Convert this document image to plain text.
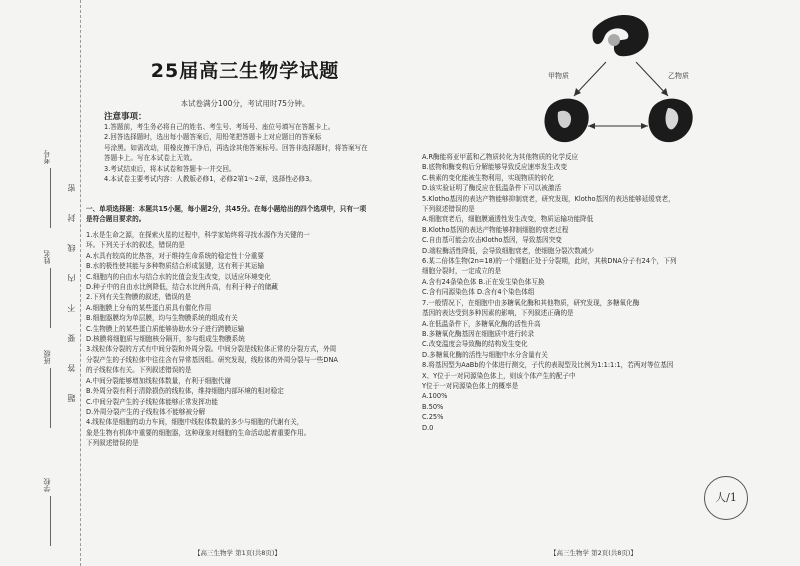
考号
姓名
班级
学校
密
封
线
内
不
要
答
题
25届高三生物学试题
本试卷满分100分，考试用时75分钟。
注意事项：

1.答题前，考生务必将自己的姓名、考生号、考场号、座位号填写在答题卡上。

2.回答选择题时，选出每小题答案后，用铅笔把答题卡上对应题目的答案标

号涂黑。如需改动，用橡皮擦干净后，再选涂其他答案标号。回答非选择题时，将答案写在

答题卡上。写在本试卷上无效。

3.考试结束后，将本试卷和答题卡一并交回。

4.本试卷主要考试内容：人教版必修1，必修2第1～2章，选择性必修3。

一、单项选择题：本题共15小题，每小题2分，共45分。在每小题给出的四个选项中，只有一项

是符合题目要求的。

1.水是生命之源，在探索火星的过程中，科学家始终将寻找水源作为关键的一

环。下列关于水的叙述，错误的是

A.水具有较高的比热容，对于维持生命系统的稳定性十分重要

B.水的极性使其能与多种物质结合形成氢键，这有利于其运输

C.细胞内的自由水与结合水的比值会发生改变，以适应环境变化

D.种子中的自由水比例降低，结合水比例升高，有利于种子的储藏

2.下列有关生物膜的叙述，错误的是

A.细胞膜上分布的某些蛋白质具有催化作用

B.细胞器膜均为单层膜，均与生物膜系统的组成有关

C.生物膜上的某些蛋白质能够协助水分子进行跨膜运输

D.核膜将细胞质与细胞核分隔开，参与组成生物膜系统

3.线粒体分裂的方式有中间分裂和外周分裂。中间分裂是线粒体正常的分裂方式，外周

分裂产生的子线粒体中往往含有异常基因组。研究发现，线粒体的外周分裂与一些DNA

的子线粒体有关。下列叙述错误的是

A.中间分裂能够增加线粒体数量，有利于细胞代谢

B.外周分裂有利于清除损伤的线粒体，维持细胞内部环境的相对稳定

C.中间分裂产生的子线粒体能够正常发挥功能

D.外周分裂产生的子线粒体不能够被分解

4.线粒体是细胞的动力车间，细胞中线粒体数量的多少与细胞的代谢有关，

象是生物有机体中重要的细胞器，这种现象对细胞的生命活动起着重要作用。

下列叙述错误的是

【高三生物学 第1页(共8页)】
甲物质	乙物质

A.R酶能将亚甲蓝和乙物质转化为其他物质的化学反应

B.底物和酶变构后分解能够导致反应速率发生改变

C.核素的变化能被生物利用，实现物质的转化

D.该实验证明了酶反应在低温条件下可以被激活

5.Klotho基因的表达产物能够抑制衰老，研究发现，Klotho基因的表达能够延缓衰老，

下列叙述错误的是

A.细胞衰老后，细胞膜通透性发生改变，物质运输功能降低

B.Klotho基因的表达产物能够抑制细胞的衰老过程

C.自由基可能会攻击Klotho基因，导致基因突变

D.端粒酶活性降低，会导致细胞衰老，使细胞分裂次数减少

6.某二倍体生物(2n=18)的一个细胞正处于分裂期，此时，其核DNA分子有24个，下列

细胞分裂时，一定成立的是

A.含有24条染色体 B.正在发生染色体互换

C.含有同源染色体 D.含有4个染色体组

7.一般情况下，在细胞中由多糖氧化酶和其他物质，研究发现，多糖氧化酶

基因的表达受到多种因素的影响，下列叙述正确的是

A.在低温条件下，多糖氧化酶的活性升高

B.多糖氧化酶基因在细胞质中进行转录

C.改变温度会导致酶的结构发生变化

D.多糖氧化酶的活性与细胞中水分含量有关

8.将基因型为AaBb的个体进行测交，子代的表现型及比例为1:1:1:1，若两对等位基因

X、Y位于一对同源染色体上，则该个体产生的配子中

Y位于一对同源染色体上的概率是

A.100%

B.50%

C.25%

D.0

人/1
【高三生物学 第2页(共8页)】
